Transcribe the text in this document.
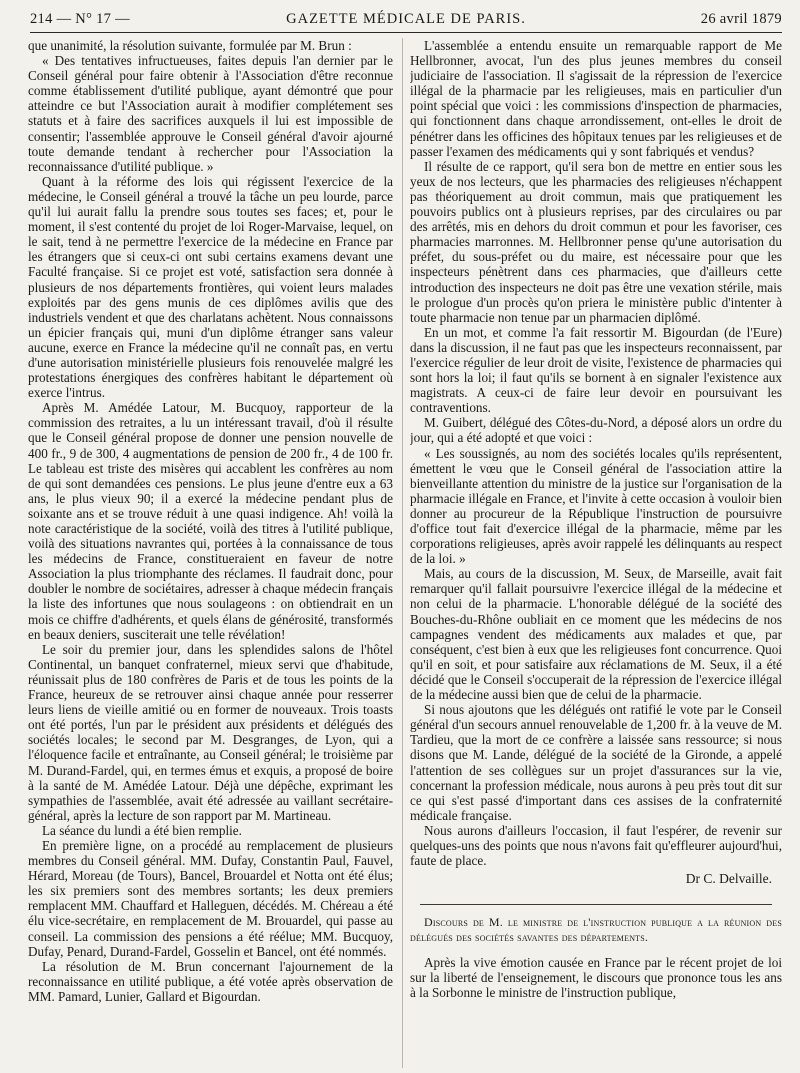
214 — N° 17 —	GAZETTE MÉDICALE DE PARIS.	26 avril 1879

que unanimité, la résolution suivante, formulée par M. Brun :

« Des tentatives infructueuses, faites depuis l'an dernier par le Conseil général pour faire obtenir à l'Association d'être reconnue comme établissement d'utilité publique, ayant démontré que pour atteindre ce but l'Association aurait à modifier complétement ses statuts et à faire des sacrifices auxquels il lui est impossible de consentir; l'assemblée approuve le Conseil général d'avoir ajourné toute demande tendant à rechercher pour l'Association la reconnaissance d'utilité publique. »

Quant à la réforme des lois qui régissent l'exercice de la médecine, le Conseil général a trouvé la tâche un peu lourde, parce qu'il lui aurait fallu la prendre sous toutes ses faces; et, pour le moment, il s'est contenté du projet de loi Roger-Marvaise, lequel, on le sait, tend à ne permettre l'exercice de la médecine en France par les étrangers que si ceux-ci ont subi certains examens devant une Faculté française. Si ce projet est voté, satisfaction sera donnée à plusieurs de nos départements frontières, qui voient leurs malades exploités par des gens munis de ces diplômes avilis que des industriels vendent et que des charlatans achètent. Nous connaissons un épicier français qui, muni d'un diplôme étranger sans valeur aucune, exerce en France la médecine qu'il ne connaît pas, en vertu d'une autorisation ministérielle plusieurs fois renouvelée malgré les protestations énergiques des confrères habitant le département où exerce l'intrus.

Après M. Amédée Latour, M. Bucquoy, rapporteur de la commission des retraites, a lu un intéressant travail, d'où il résulte que le Conseil général propose de donner une pension nouvelle de 400 fr., 9 de 300, 4 augmentations de pension de 200 fr., 4 de 100 fr. Le tableau est triste des misères qui accablent les confrères au nom de qui sont demandées ces pensions. Le plus jeune d'entre eux a 63 ans, le plus vieux 90; il a exercé la médecine pendant plus de soixante ans et se trouve réduit à une quasi indigence. Ah! voilà la note caractéristique de la société, voilà des titres à l'utilité publique, voilà des situations navrantes qui, portées à la connaissance de tous les médecins de France, constitueraient en faveur de notre Association la plus triomphante des réclames. Il faudrait donc, pour doubler le nombre de sociétaires, adresser à chaque médecin français la liste des infortunes que nous soulageons : on obtiendrait en un mois ce chiffre d'adhérents, et quels élans de générosité, transformés en beaux deniers, susciterait une telle révélation!

Le soir du premier jour, dans les splendides salons de l'hôtel Continental, un banquet confraternel, mieux servi que d'habitude, réunissait plus de 180 confrères de Paris et de tous les points de la France, heureux de se retrouver ainsi chaque année pour resserrer leurs liens de vieille amitié ou en former de nouveaux. Trois toasts ont été portés, l'un par le président aux présidents et délégués des sociétés locales; le second par M. Desgranges, de Lyon, qui a l'éloquence facile et entraînante, au Conseil général; le troisième par M. Durand-Fardel, qui, en termes émus et exquis, a proposé de boire à la santé de M. Amédée Latour. Déjà une dépêche, exprimant les sympathies de l'assemblée, avait été adressée au vaillant secrétaire-général, après la lecture de son rapport par M. Martineau.

La séance du lundi a été bien remplie.

En première ligne, on a procédé au remplacement de plusieurs membres du Conseil général. MM. Dufay, Constantin Paul, Fauvel, Hérard, Moreau (de Tours), Bancel, Brouardel et Notta ont été élus; les six premiers sont des membres sortants; les deux premiers remplacent MM. Chauffard et Halleguen, décédés. M. Chéreau a été élu vice-secrétaire, en remplacement de M. Brouardel, qui passe au conseil. La commission des pensions a été réélue; MM. Bucquoy, Dufay, Penard, Durand-Fardel, Gosselin et Bancel, ont été nommés.

La résolution de M. Brun concernant l'ajournement de la reconnaissance en utilité publique, a été votée après observation de MM. Pamard, Lunier, Gallard et Bigourdan.

L'assemblée a entendu ensuite un remarquable rapport de Me Hellbronner, avocat, l'un des plus jeunes membres du conseil judiciaire de l'association. Il s'agissait de la répression de l'exercice illégal de la pharmacie par les religieuses, mais en particulier d'un point spécial que voici : les commissions d'inspection de pharmacies, qui fonctionnent dans chaque arrondissement, ont-elles le droit de pénétrer dans les officines des hôpitaux tenues par les religieuses et de passer l'examen des médicaments qui y sont fabriqués et vendus?

Il résulte de ce rapport, qu'il sera bon de mettre en entier sous les yeux de nos lecteurs, que les pharmacies des religieuses n'échappent pas théoriquement au droit commun, mais que pratiquement les pouvoirs publics ont à plusieurs reprises, par des circulaires ou par des arrêtés, mis en dehors du droit commun et pour les favoriser, ces pharmacies marronnes. M. Hellbronner pense qu'une autorisation du préfet, du sous-préfet ou du maire, est nécessaire pour que les inspecteurs pénètrent dans ces pharmacies, que d'ailleurs cette introduction des inspecteurs ne doit pas être une vexation stérile, mais le prologue d'un procès qu'on priera le ministère public d'intenter à toute pharmacie non tenue par un pharmacien diplômé.

En un mot, et comme l'a fait ressortir M. Bigourdan (de l'Eure) dans la discussion, il ne faut pas que les inspecteurs reconnaissent, par l'exercice régulier de leur droit de visite, l'existence de pharmacies qui sont hors la loi; il faut qu'ils se bornent à en signaler l'existence aux magistrats. A ceux-ci de faire leur devoir en poursuivant les contraventions.

M. Guibert, délégué des Côtes-du-Nord, a déposé alors un ordre du jour, qui a été adopté et que voici :

« Les soussignés, au nom des sociétés locales qu'ils représentent, émettent le vœu que le Conseil général de l'association attire la bienveillante attention du ministre de la justice sur l'organisation de la pharmacie illégale en France, et l'invite à cette occasion à vouloir bien donner au procureur de la République l'instruction de poursuivre d'office tout fait d'exercice illégal de la pharmacie, même par les corporations religieuses, après avoir rappelé les délinquants au respect de la loi. »

Mais, au cours de la discussion, M. Seux, de Marseille, avait fait remarquer qu'il fallait poursuivre l'exercice illégal de la médecine et non celui de la pharmacie. L'honorable délégué de la société des Bouches-du-Rhône oubliait en ce moment que les médecins de nos campagnes vendent des médicaments aux malades et que, par conséquent, c'est bien à eux que les religieuses font concurrence. Quoi qu'il en soit, et pour satisfaire aux réclamations de M. Seux, il a été décidé que le Conseil s'occuperait de la répression de l'exercice illégal de la médecine aussi bien que de celui de la pharmacie.

Si nous ajoutons que les délégués ont ratifié le vote par le Conseil général d'un secours annuel renouvelable de 1,200 fr. à la veuve de M. Tardieu, que la mort de ce confrère a laissée sans ressource; si nous disons que M. Lande, délégué de la société de la Gironde, a appelé l'attention de ses collègues sur un projet d'assurances sur la vie, concernant la profession médicale, nous aurons à peu près tout dit sur ce qui s'est passé d'important dans ces assises de la confraternité médicale française.

Nous aurons d'ailleurs l'occasion, il faut l'espérer, de revenir sur quelques-uns des points que nous n'avons fait qu'effleurer aujourd'hui, faute de place.

Dr C. Delvaille.

Discours de M. le ministre de l'instruction publique a la réunion des délégués des sociétés savantes des départements.

Après la vive émotion causée en France par le récent projet de loi sur la liberté de l'enseignement, le discours que prononce tous les ans à la Sorbonne le ministre de l'instruction publique,
